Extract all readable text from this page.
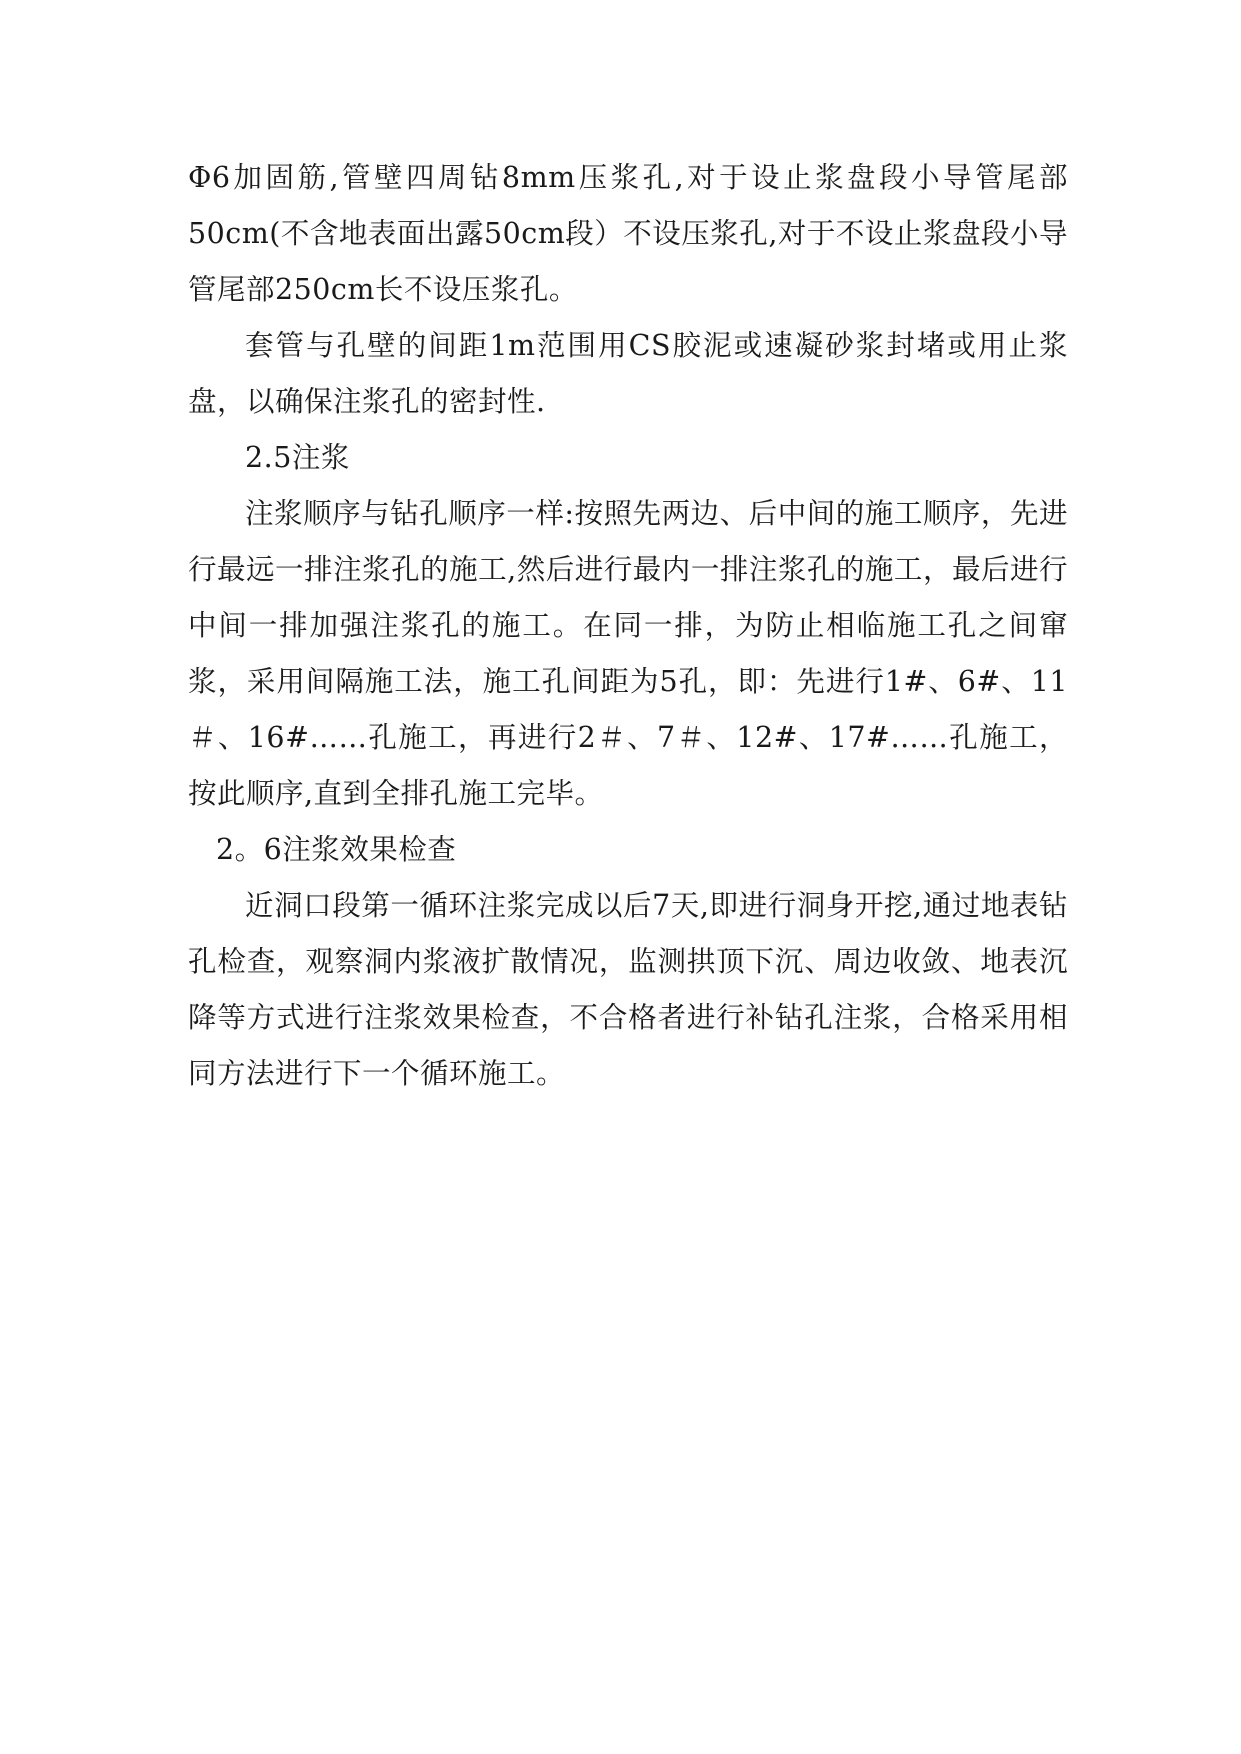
Φ6加固筋,管壁四周钻8mm压浆孔,对于设止浆盘段小导管尾部50cm(不含地表面出露50cm段）不设压浆孔,对于不设止浆盘段小导管尾部250cm长不设压浆孔。

套管与孔壁的间距1m范围用CS胶泥或速凝砂浆封堵或用止浆盘，以确保注浆孔的密封性.

2.5注浆

注浆顺序与钻孔顺序一样:按照先两边、后中间的施工顺序，先进行最远一排注浆孔的施工,然后进行最内一排注浆孔的施工，最后进行中间一排加强注浆孔的施工。在同一排，为防止相临施工孔之间窜浆，采用间隔施工法，施工孔间距为5孔，即：先进行1#、6#、11＃、16#……孔施工，再进行2＃、7＃、12#、17#……孔施工，按此顺序,直到全排孔施工完毕。

2。6注浆效果检查

近洞口段第一循环注浆完成以后7天,即进行洞身开挖,通过地表钻孔检查，观察洞内浆液扩散情况，监测拱顶下沉、周边收敛、地表沉降等方式进行注浆效果检查，不合格者进行补钻孔注浆，合格采用相同方法进行下一个循环施工。
